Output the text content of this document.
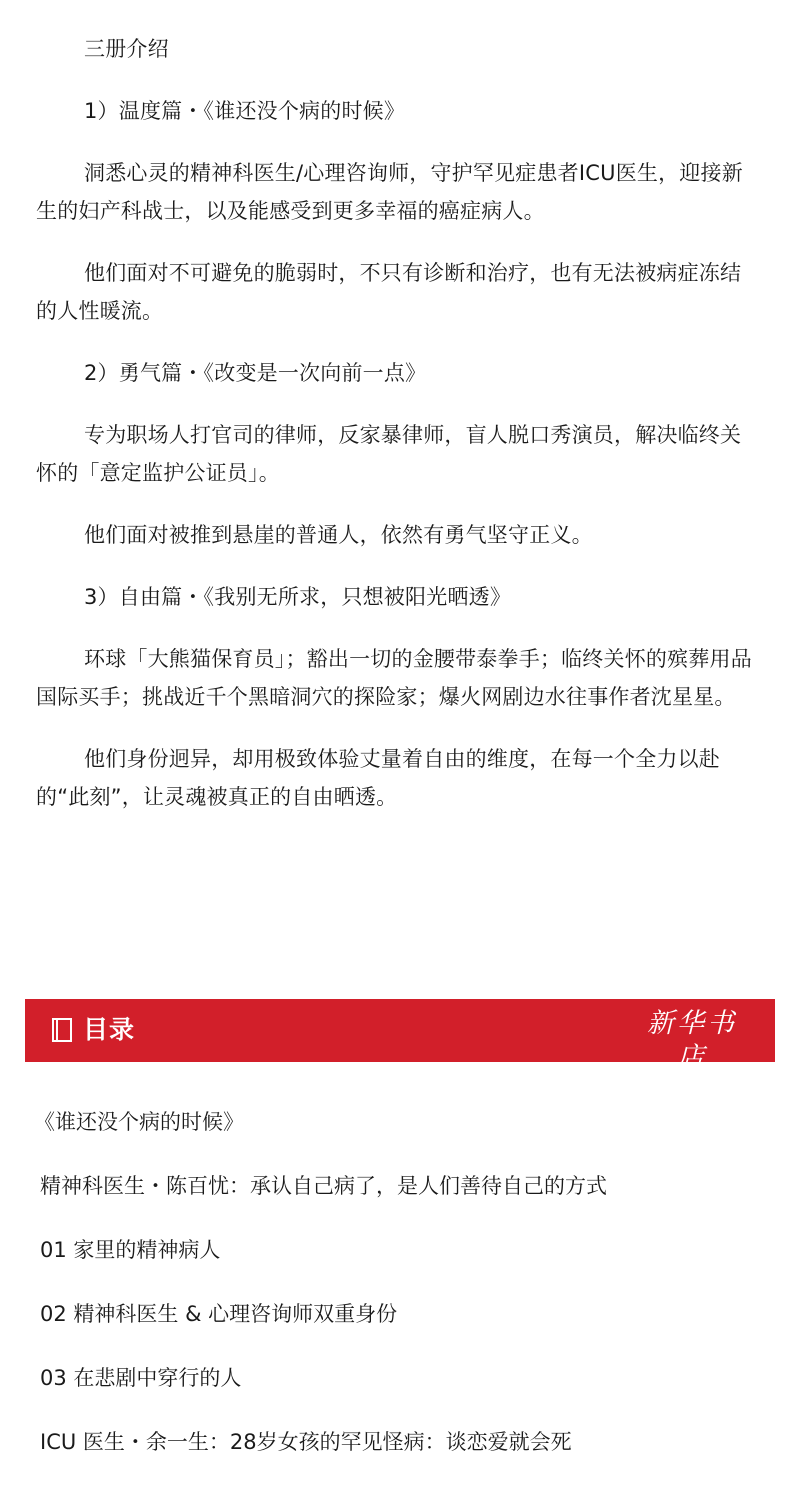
三册介绍

1）温度篇・《谁还没个病的时候》

洞悉心灵的精神科医生/心理咨询师，守护罕见症患者ICU医生，迎接新生的妇产科战士，以及能感受到更多幸福的癌症病人。

他们面对不可避免的脆弱时，不只有诊断和治疗，也有无法被病症冻结的人性暖流。

2）勇气篇・《改变是一次向前一点》

专为职场人打官司的律师，反家暴律师，盲人脱口秀演员，解决临终关怀的「意定监护公证员」。

他们面对被推到悬崖的普通人，依然有勇气坚守正义。

3）自由篇・《我别无所求，只想被阳光晒透》

环球「大熊猫保育员」；豁出一切的金腰带泰拳手；临终关怀的殡葬用品国际买手；挑战近千个黑暗洞穴的探险家；爆火网剧边水往事作者沈星星。

他们身份迥异，却用极致体验丈量着自由的维度，在每一个全力以赴的“此刻”，让灵魂被真正的自由晒透。

目录	新华书店
XINHUA BOOKSTORE
《谁还没个病的时候》
精神科医生・陈百忧：承认自己病了，是人们善待自己的方式
01 家里的精神病人
02 精神科医生 & 心理咨询师双重身份
03 在悲剧中穿行的人
ICU 医生・余一生：28岁女孩的罕见怪病：谈恋爱就会死
